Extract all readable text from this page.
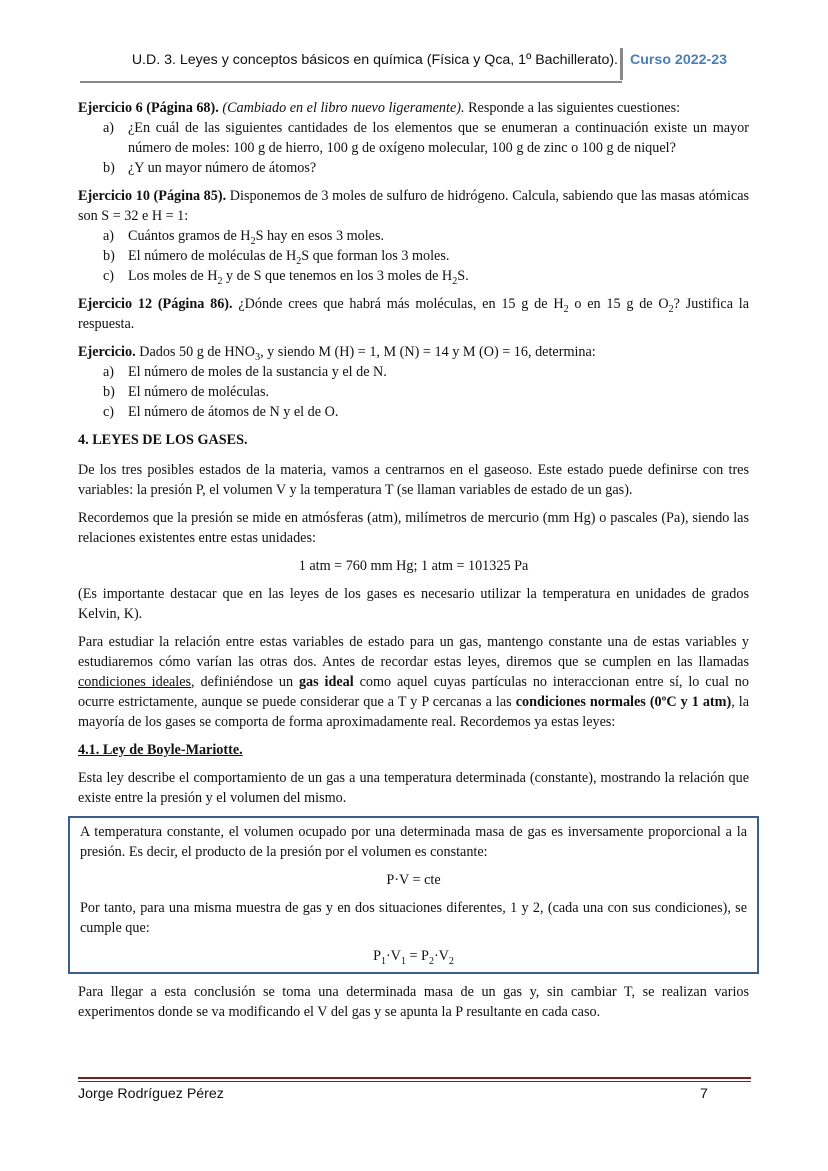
U.D. 3. Leyes y conceptos básicos en química (Física y Qca, 1º Bachillerato). Curso 2022-23

Ejercicio 6 (Página 68). (Cambiado en el libro nuevo ligeramente). Responde a las siguientes cuestiones:

a) ¿En cuál de las siguientes cantidades de los elementos que se enumeran a continuación existe un mayor número de moles: 100 g de hierro, 100 g de oxígeno molecular, 100 g de zinc o 100 g de niquel?
b) ¿Y un mayor número de átomos?

Ejercicio 10 (Página 85). Disponemos de 3 moles de sulfuro de hidrógeno. Calcula, sabiendo que las masas atómicas son S = 32 e H = 1:

a) Cuántos gramos de $H_2S$ hay en esos 3 moles.
b) El número de moléculas de $H_2S$ que forman los 3 moles.
c) Los moles de $H_2$ y de S que tenemos en los 3 moles de $H_2S$.

Ejercicio 12 (Página 86). ¿Dónde crees que habrá más moléculas, en 15 g de $H_2$ o en 15 g de $O_2$? Justifica la respuesta.

Ejercicio. Dados 50 g de $HNO_3$, y siendo M (H) = 1, M (N) = 14 y M (O) = 16, determina:

a) El número de moles de la sustancia y el de N.
b) El número de moléculas.
c) El número de átomos de N y el de O.
4. LEYES DE LOS GASES.

De los tres posibles estados de la materia, vamos a centrarnos en el gaseoso. Este estado puede definirse con tres variables: la presión P, el volumen V y la temperatura T (se llaman variables de estado de un gas).

Recordemos que la presión se mide en atmósferas (atm), milímetros de mercurio (mm Hg) o pascales (Pa), siendo las relaciones existentes entre estas unidades:

1 atm = 760 mm Hg; 1 atm = 101325 Pa

(Es importante destacar que en las leyes de los gases es necesario utilizar la temperatura en unidades de grados Kelvin, K).

Para estudiar la relación entre estas variables de estado para un gas, mantengo constante una de estas variables y estudiaremos cómo varían las otras dos. Antes de recordar estas leyes, diremos que se cumplen en las llamadas condiciones ideales, definiéndose un gas ideal como aquel cuyas partículas no interaccionan entre sí, lo cual no ocurre estrictamente, aunque se puede considerar que a T y P cercanas a las condiciones normales (0ºC y 1 atm), la mayoría de los gases se comporta de forma aproximadamente real. Recordemos ya estas leyes:

4.1. Ley de Boyle-Mariotte.

Esta ley describe el comportamiento de un gas a una temperatura determinada (constante), mostrando la relación que existe entre la presión y el volumen del mismo.

A temperatura constante, el volumen ocupado por una determinada masa de gas es inversamente proporcional a la presión. Es decir, el producto de la presión por el volumen es constante:

P·V = cte

Por tanto, para una misma muestra de gas y en dos situaciones diferentes, 1 y 2, (cada una con sus condiciones), se cumple que:

$P_1\cdot V_1 = P_2\cdot V_2$

Para llegar a esta conclusión se toma una determinada masa de un gas y, sin cambiar T, se realizan varios experimentos donde se va modificando el V del gas y se apunta la P resultante en cada caso.

Jorge Rodríguez Pérez	7
